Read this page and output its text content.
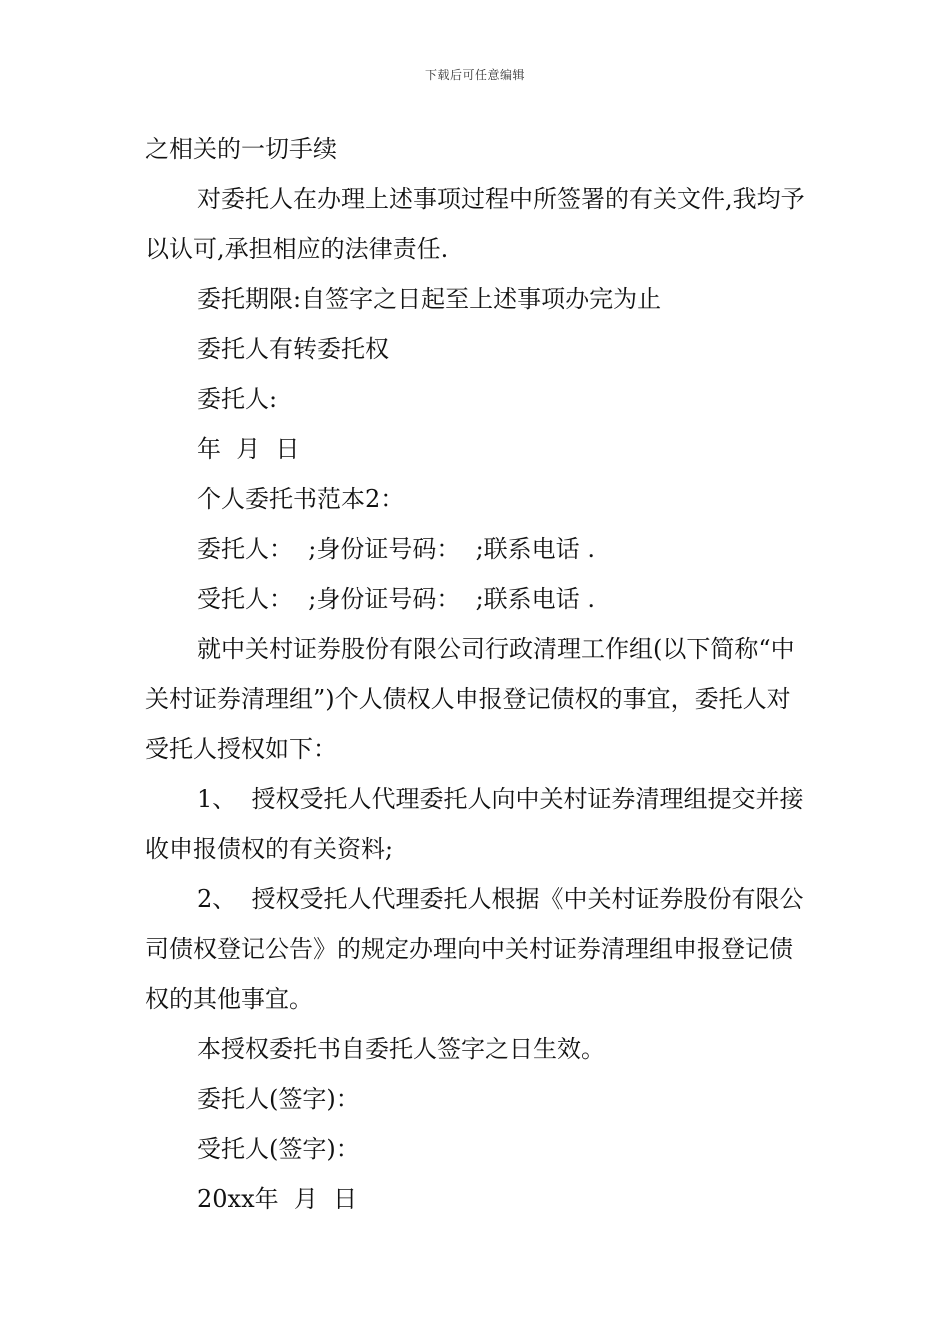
下载后可任意编辑

之相关的一切手续

对委托人在办理上述事项过程中所签署的有关文件,我均予以认可,承担相应的法律责任.

委托期限:自签字之日起至上述事项办完为止

委托人有转委托权

委托人:

年  月  日

个人委托书范本2：

委托人：  ;身份证号码：  ;联系电话 .

受托人：  ;身份证号码：  ;联系电话 .

就中关村证券股份有限公司行政清理工作组(以下简称“中关村证券清理组”)个人债权人申报登记债权的事宜，委托人对受托人授权如下：

1、  授权受托人代理委托人向中关村证券清理组提交并接收申报债权的有关资料;

2、  授权受托人代理委托人根据《中关村证券股份有限公司债权登记公告》的规定办理向中关村证券清理组申报登记债权的其他事宜。

本授权委托书自委托人签字之日生效。

委托人(签字)：

受托人(签字)：

20xx年  月  日
